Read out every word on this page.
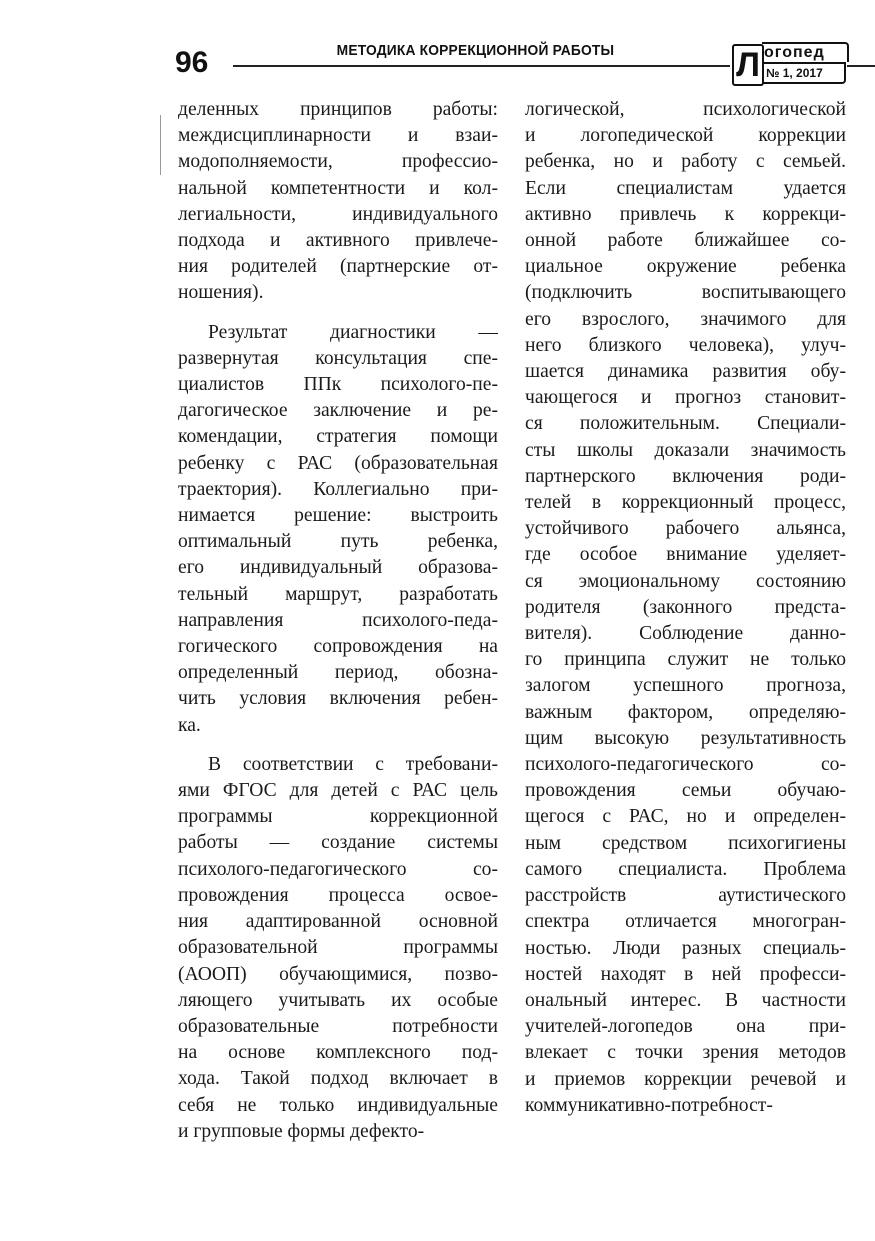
96	МЕТОДИКА КОРРЕКЦИОННОЙ РАБОТЫ	Л огопед
№ 1, 2017

деленных принципов работы:
междисциплинарности и взаи-
модополняемости, профессио-
нальной компетентности и кол-
легиальности, индивидуального
подхода и активного привлече-
ния родителей (партнерские от-
ношения).

Результат диагностики —
развернутая консультация спе-
циалистов ППк психолого-пе-
дагогическое заключение и ре-
комендации, стратегия помощи
ребенку с РАС (образовательная
траектория). Коллегиально при-
нимается решение: выстроить
оптимальный путь ребенка,
его индивидуальный образова-
тельный маршрут, разработать
направления психолого-педа-
гогического сопровождения на
определенный период, обозна-
чить условия включения ребен-
ка.

В соответствии с требовани-
ями ФГОС для детей с РАС цель
программы коррекционной
работы — создание системы
психолого-педагогического со-
провождения процесса освое-
ния адаптированной основной
образовательной программы
(АООП) обучающимися, позво-
ляющего учитывать их особые
образовательные потребности
на основе комплексного под-
хода. Такой подход включает в
себя не только индивидуальные
и групповые формы дефекто-

логической, психологической
и логопедической коррекции
ребенка, но и работу с семьей.
Если специалистам удается
активно привлечь к коррекци-
онной работе ближайшее со-
циальное окружение ребенка
(подключить воспитывающего
его взрослого, значимого для
него близкого человека), улуч-
шается динамика развития обу-
чающегося и прогноз становит-
ся положительным. Специали-
сты школы доказали значимость
партнерского включения роди-
телей в коррекционный процесс,
устойчивого рабочего альянса,
где особое внимание уделяет-
ся эмоциональному состоянию
родителя (законного предста-
вителя). Соблюдение данно-
го принципа служит не только
залогом успешного прогноза,
важным фактором, определяю-
щим высокую результативность
психолого-педагогического со-
провождения семьи обучаю-
щегося с РАС, но и определен-
ным средством психогигиены
самого специалиста. Проблема
расстройств аутистического
спектра отличается многогран-
ностью. Люди разных специаль-
ностей находят в ней професси-
ональный интерес. В частности
учителей-логопедов она при-
влекает с точки зрения методов
и приемов коррекции речевой и
коммуникативно-потребност-
